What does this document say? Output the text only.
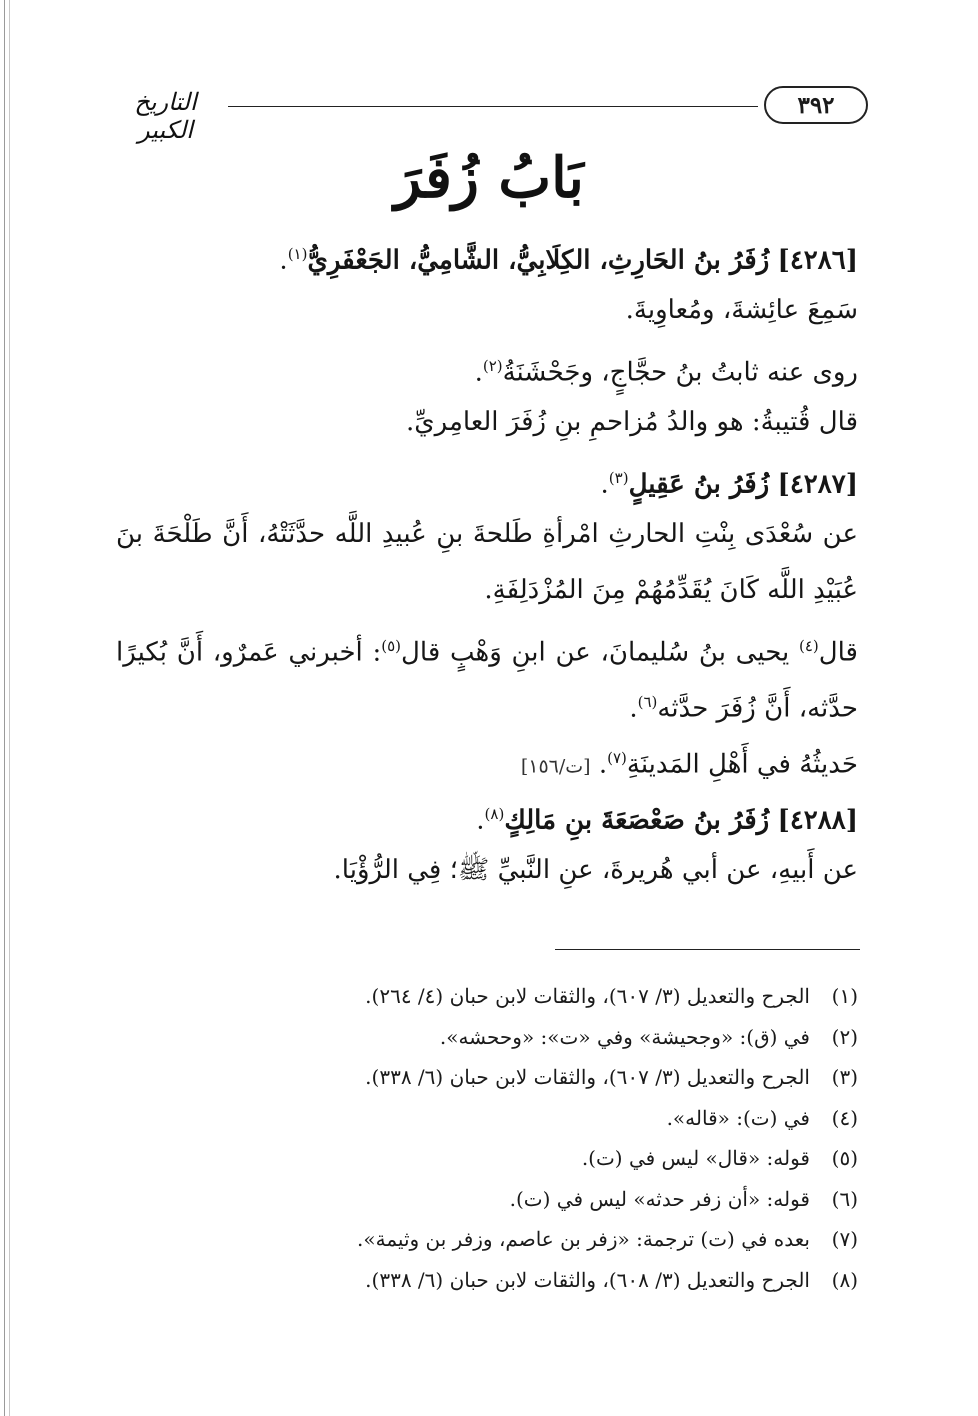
التاريخ الكبير
٣٩٢
بَابُ زُفَرَ
[٤٢٨٦] زُفَرُ بنُ الحَارِثِ، الكِلَابِيُّ، الشَّامِيُّ، الجَعْفَرِيُّ$^{(١)}$.
سَمِعَ عائِشةَ، ومُعاوِيةَ.
روى عنه ثابتُ بنُ حجَّاجٍ، وجَحْشَنَةُ$^{(٢)}$.
قال قُتيبةُ: هو والدُ مُزاحمِ بنِ زُفَرَ العامِريِّ.
[٤٢٨٧] زُفَرُ بنُ عَقِيلٍ$^{(٣)}$.
عن سُعْدَى بِنْتِ الحارثِ امْرأةِ طَلحةَ بنِ عُبيدِ اللَّه حدَّثَتْهُ، أَنَّ طَلْحَةَ بنَ
عُبَيْدِ اللَّه كَانَ يُقَدِّمُهُمْ مِنَ المُزْدَلِفَةِ.
قال$^{(٤)}$ يحيى بنُ سُليمانَ، عن ابنِ وَهْبٍ قال$^{(٥)}$: أخبرني عَمرٌو، أَنَّ بُكيرًا
حدَّثه، أَنَّ زُفَرَ حدَّثه$^{(٦)}$.
حَديثُهُ في أَهْلِ المَدينَةِ$^{(٧)}$. [ت/١٥٦]
[٤٢٨٨] زُفَرُ بنُ صَعْصَعَةَ بنِ مَالِكٍ$^{(٨)}$.
عن أَبيهِ، عن أبي هُريرةَ، عنِ النَّبيِّ ﷺ؛ فِي الرُّؤْيَا.
(١)الجرح والتعديل (٣/ ٦٠٧)، والثقات لابن حبان (٤/ ٢٦٤).
(٢)في (ق): «وجحيشة» وفي «ت»: «وححشه».
(٣)الجرح والتعديل (٣/ ٦٠٧)، والثقات لابن حبان (٦/ ٣٣٨).
(٤)في (ت): «قاله».
(٥)قوله: «قال» ليس في (ت).
(٦)قوله: «أن زفر حدثه» ليس في (ت).
(٧)بعده في (ت) ترجمة: «زفر بن عاصم، وزفر بن وثيمة».
(٨)الجرح والتعديل (٣/ ٦٠٨)، والثقات لابن حبان (٦/ ٣٣٨).
